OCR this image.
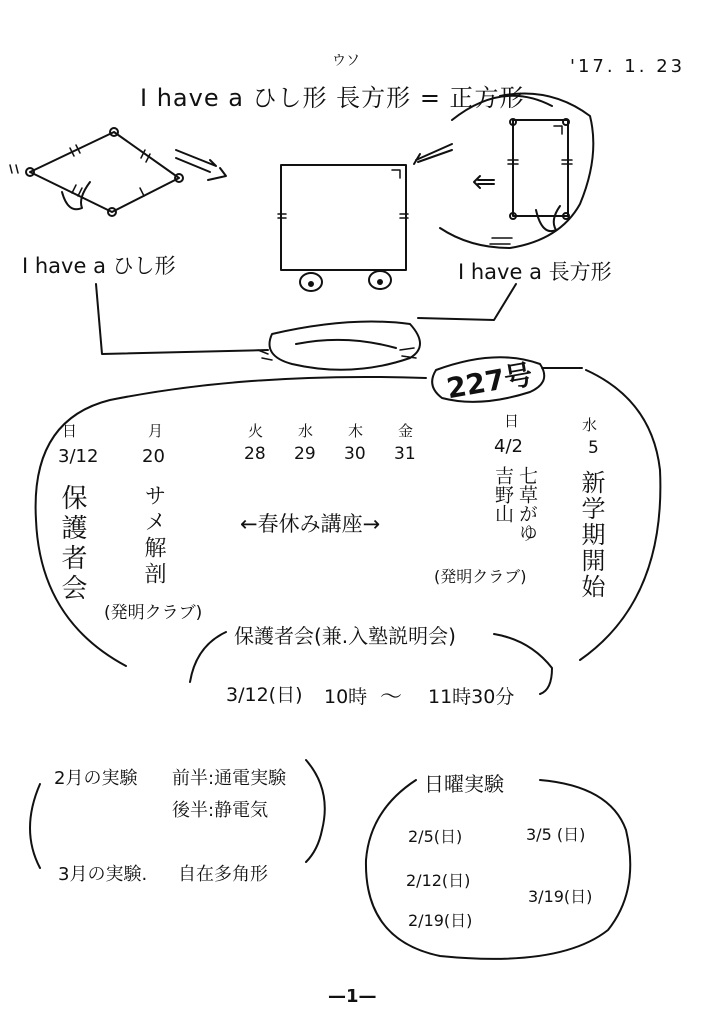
'17. 1. 23
ウソ
I have a ひし形 長方形 = 正方形
I have a ひし形	I have a 長方形
227号
日
3/12
保護者会
月
20
サメ解剖
(発明クラブ)
火
28
水
29
木
30
金
31
←春休み講座→
日
4/2
七草がゆ
吉野山
(発明クラブ)
水
5
新学期開始
保護者会(兼.入塾説明会)
3/12(日) 10時 〜 11時30分
2月の実験 前半:通電実験
後半:静電気
3月の実験. 自在多角形
日曜実験
2/5(日)
2/12(日)
2/19(日)
3/5 (日)
3/19(日)
—1—
